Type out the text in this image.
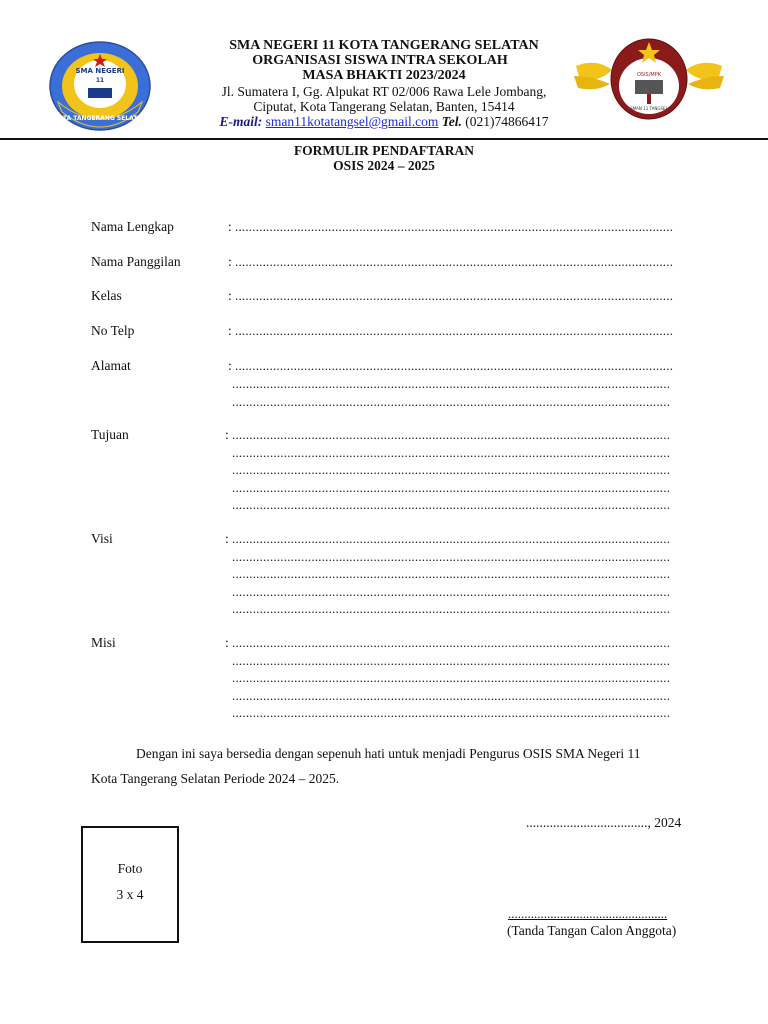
SMA NEGERI
11
KOTA TANGERANG SELATAN
OSIS/MPK
SMAN 11 TANGSEL
SMA NEGERI 11 KOTA TANGERANG SELATAN
ORGANISASI SISWA INTRA SEKOLAH
MASA BHAKTI 2023/2024
Jl. Sumatera I, Gg. Alpukat RT 02/006 Rawa Lele Jombang,
Ciputat, Kota Tangerang Selatan, Banten, 15414
E-mail: sman11kotatangsel@gmail.com Tel. (021)74866417
FORMULIR PENDAFTARAN
OSIS 2024 – 2025
Nama Lengkap	: ...............................................................................................................................
Nama Panggilan	: ...............................................................................................................................
Kelas	: ...............................................................................................................................
No Telp	: ...............................................................................................................................
Alamat	: ...............................................................................................................................
...............................................................................................................................
...............................................................................................................................
Tujuan	: ...............................................................................................................................
...............................................................................................................................
...............................................................................................................................
...............................................................................................................................
...............................................................................................................................
Visi	: ...............................................................................................................................
...............................................................................................................................
...............................................................................................................................
...............................................................................................................................
...............................................................................................................................
Misi	: ...............................................................................................................................
...............................................................................................................................
...............................................................................................................................
...............................................................................................................................
...............................................................................................................................
Dengan ini saya bersedia dengan sepenuh hati untuk menjadi Pengurus OSIS SMA Negeri 11
Kota Tangerang Selatan Periode 2024 – 2025.
...................................., 2024
Foto
3 x 4
.................................................
(Tanda Tangan Calon Anggota)
